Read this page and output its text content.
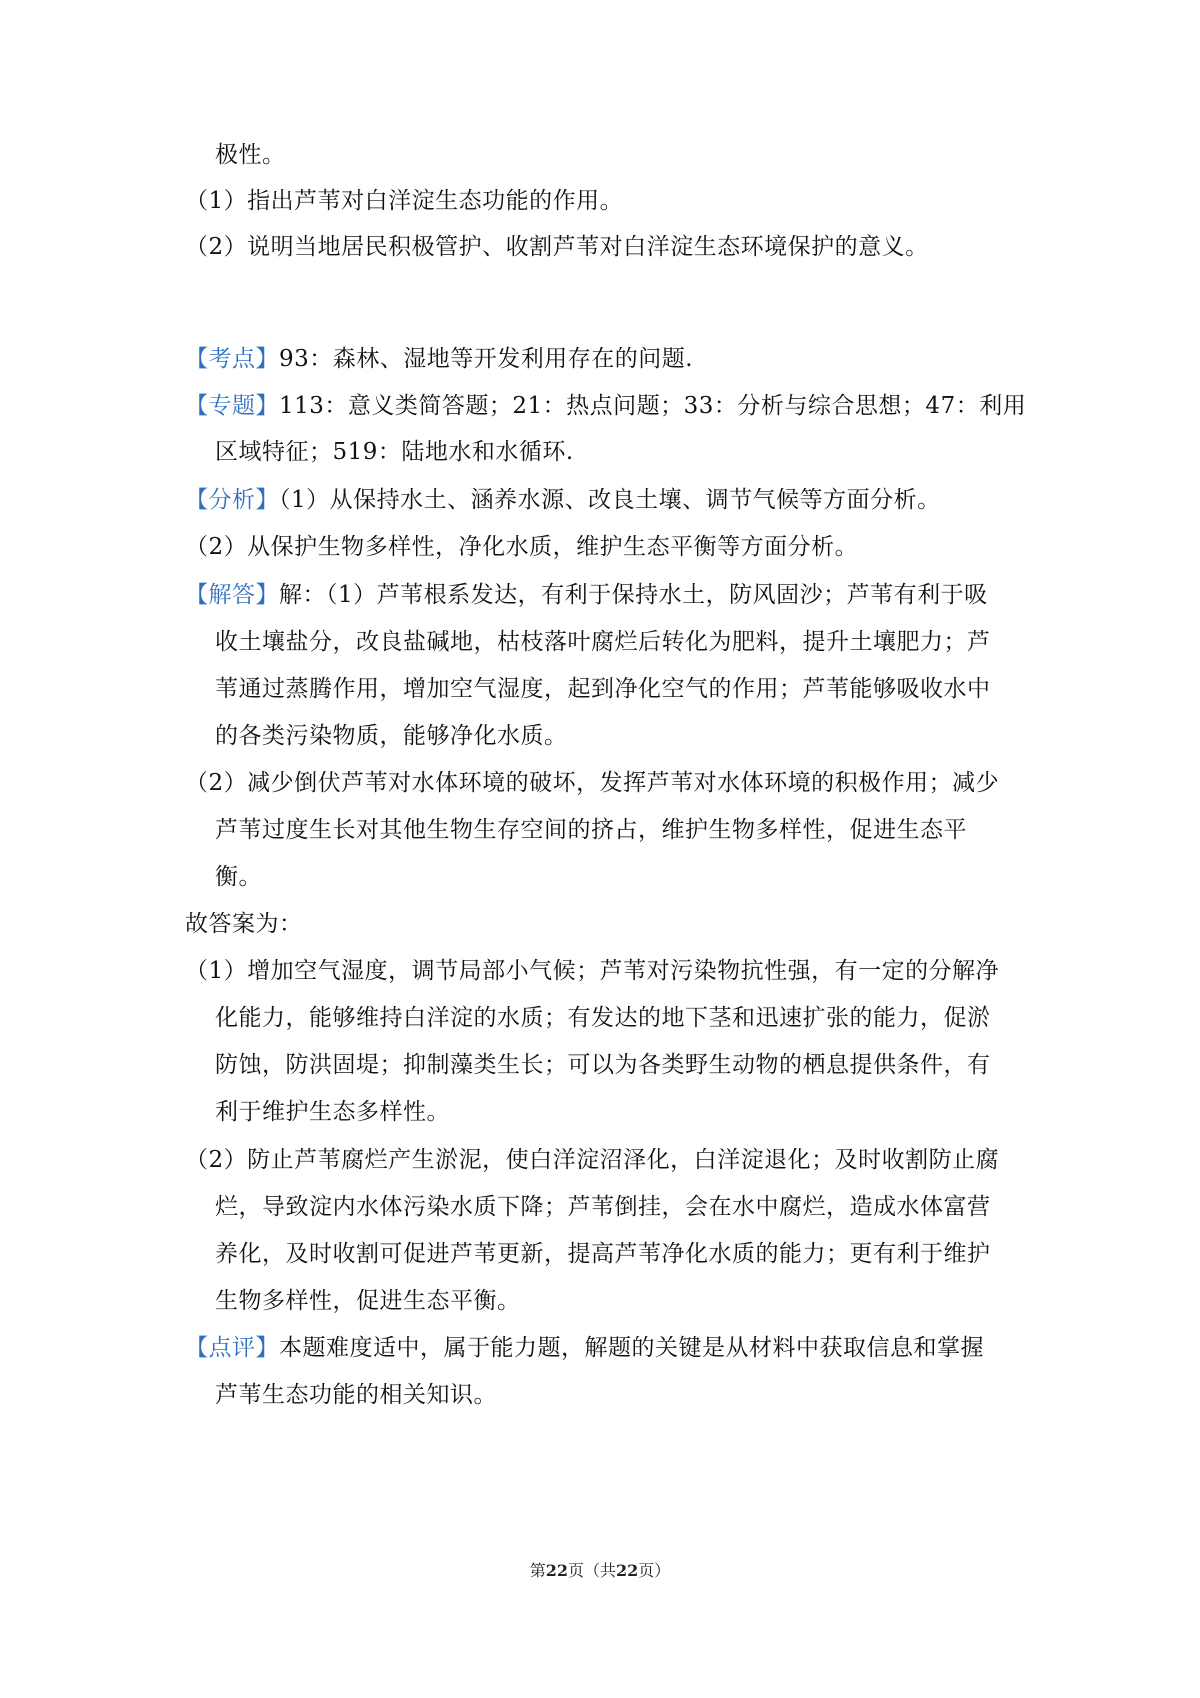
极性。
（1）指出芦苇对白洋淀生态功能的作用。
（2）说明当地居民积极管护、收割芦苇对白洋淀生态环境保护的意义。
【考点】93：森林、湿地等开发利用存在的问题.
【专题】113：意义类简答题；21：热点问题；33：分析与综合思想；47：利用
区域特征；519：陆地水和水循环.
【分析】（1）从保持水土、涵养水源、改良土壤、调节气候等方面分析。
（2）从保护生物多样性，净化水质，维护生态平衡等方面分析。
【解答】解：（1）芦苇根系发达，有利于保持水土，防风固沙；芦苇有利于吸
收土壤盐分，改良盐碱地，枯枝落叶腐烂后转化为肥料，提升土壤肥力；芦
苇通过蒸腾作用，增加空气湿度，起到净化空气的作用；芦苇能够吸收水中
的各类污染物质，能够净化水质。
（2）减少倒伏芦苇对水体环境的破坏，发挥芦苇对水体环境的积极作用；减少
芦苇过度生长对其他生物生存空间的挤占，维护生物多样性，促进生态平
衡。
故答案为：
（1）增加空气湿度，调节局部小气候；芦苇对污染物抗性强，有一定的分解净
化能力，能够维持白洋淀的水质；有发达的地下茎和迅速扩张的能力，促淤
防蚀，防洪固堤；抑制藻类生长；可以为各类野生动物的栖息提供条件，有
利于维护生态多样性。
（2）防止芦苇腐烂产生淤泥，使白洋淀沼泽化，白洋淀退化；及时收割防止腐
烂，导致淀内水体污染水质下降；芦苇倒挂，会在水中腐烂，造成水体富营
养化，及时收割可促进芦苇更新，提高芦苇净化水质的能力；更有利于维护
生物多样性，促进生态平衡。
【点评】本题难度适中，属于能力题，解题的关键是从材料中获取信息和掌握
芦苇生态功能的相关知识。
第22页（共22页）
